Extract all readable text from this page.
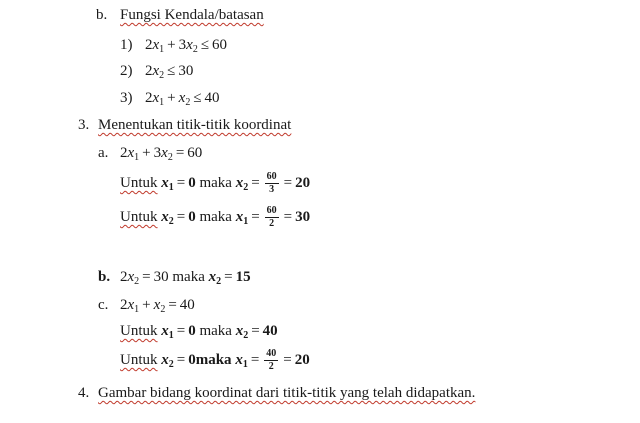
b. Fungsi Kendala/batasan
1) $2x_1 + 3x_2 \le 60$
2) $2x_2 \le 30$
3) $2x_1 + x_2 \le 40$
3. Menentukan titik-titik koordinat
a. $2x_1 + 3x_2 = 60$
Untuk $x_1 = 0$ maka $x_2 = \frac{60}{3} = 20$
Untuk $x_2 = 0$ maka $x_1 = \frac{60}{2} = 30$
b. $2x_2 = 30$ maka $x_2 = 15$
c. $2x_1 + x_2 = 40$
Untuk $x_1 = 0$ maka $x_2 = 40$
Untuk $x_2$ = 0maka $x_1 = \frac{40}{2} = 20$
4. Gambar bidang koordinat dari titik-titik yang telah didapatkan.
